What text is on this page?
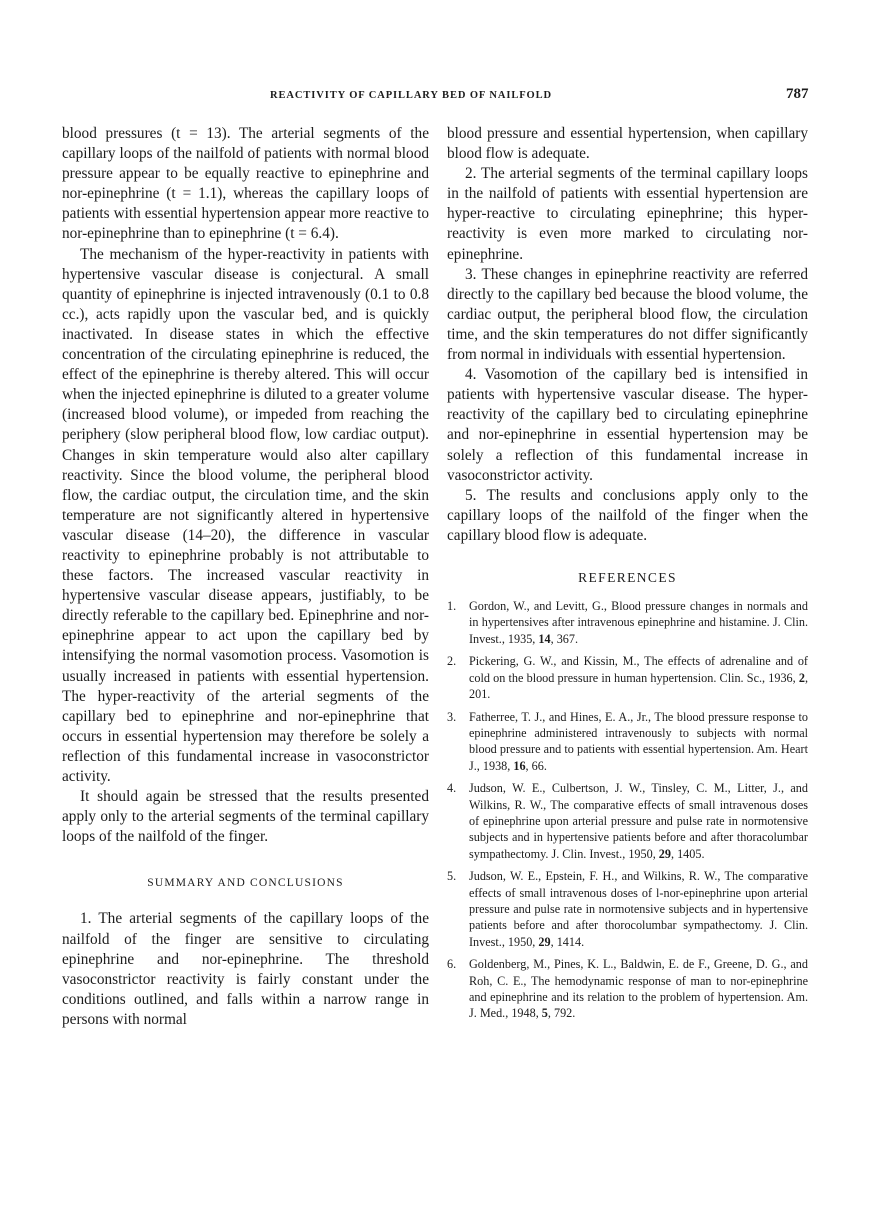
REACTIVITY OF CAPILLARY BED OF NAILFOLD	787

blood pressures (t = 13). The arterial segments of the capillary loops of the nailfold of patients with normal blood pressure appear to be equally reactive to epinephrine and nor-epinephrine (t = 1.1), whereas the capillary loops of patients with essential hypertension appear more reactive to nor-epinephrine than to epinephrine (t = 6.4).

The mechanism of the hyper-reactivity in patients with hypertensive vascular disease is conjectural. A small quantity of epinephrine is injected intravenously (0.1 to 0.8 cc.), acts rapidly upon the vascular bed, and is quickly inactivated. In disease states in which the effective concentration of the circulating epinephrine is reduced, the effect of the epinephrine is thereby altered. This will occur when the injected epinephrine is diluted to a greater volume (increased blood volume), or impeded from reaching the periphery (slow peripheral blood flow, low cardiac output). Changes in skin temperature would also alter capillary reactivity. Since the blood volume, the peripheral blood flow, the cardiac output, the circulation time, and the skin temperature are not significantly altered in hypertensive vascular disease (14–20), the difference in vascular reactivity to epinephrine probably is not attributable to these factors. The increased vascular reactivity in hypertensive vascular disease appears, justifiably, to be directly referable to the capillary bed. Epinephrine and nor-epinephrine appear to act upon the capillary bed by intensifying the normal vasomotion process. Vasomotion is usually increased in patients with essential hypertension. The hyper-reactivity of the arterial segments of the capillary bed to epinephrine and nor-epinephrine that occurs in essential hypertension may therefore be solely a reflection of this fundamental increase in vasoconstrictor activity.

It should again be stressed that the results presented apply only to the arterial segments of the terminal capillary loops of the nailfold of the finger.

SUMMARY AND CONCLUSIONS

1. The arterial segments of the capillary loops of the nailfold of the finger are sensitive to circulating epinephrine and nor-epinephrine. The threshold vasoconstrictor reactivity is fairly constant under the conditions outlined, and falls within a narrow range in persons with normal

blood pressure and essential hypertension, when capillary blood flow is adequate.

2. The arterial segments of the terminal capillary loops in the nailfold of patients with essential hypertension are hyper-reactive to circulating epinephrine; this hyper-reactivity is even more marked to circulating nor-epinephrine.

3. These changes in epinephrine reactivity are referred directly to the capillary bed because the blood volume, the cardiac output, the peripheral blood flow, the circulation time, and the skin temperatures do not differ significantly from normal in individuals with essential hypertension.

4. Vasomotion of the capillary bed is intensified in patients with hypertensive vascular disease. The hyper-reactivity of the capillary bed to circulating epinephrine and nor-epinephrine in essential hypertension may be solely a reflection of this fundamental increase in vasoconstrictor activity.

5. The results and conclusions apply only to the capillary loops of the nailfold of the finger when the capillary blood flow is adequate.

REFERENCES
1. Gordon, W., and Levitt, G., Blood pressure changes in normals and in hypertensives after intravenous epinephrine and histamine. J. Clin. Invest., 1935, 14, 367.
2. Pickering, G. W., and Kissin, M., The effects of adrenaline and of cold on the blood pressure in human hypertension. Clin. Sc., 1936, 2, 201.
3. Fatherree, T. J., and Hines, E. A., Jr., The blood pressure response to epinephrine administered intravenously to subjects with normal blood pressure and to patients with essential hypertension. Am. Heart J., 1938, 16, 66.
4. Judson, W. E., Culbertson, J. W., Tinsley, C. M., Litter, J., and Wilkins, R. W., The comparative effects of small intravenous doses of epinephrine upon arterial pressure and pulse rate in normotensive subjects and in hypertensive patients before and after thoracolumbar sympathectomy. J. Clin. Invest., 1950, 29, 1405.
5. Judson, W. E., Epstein, F. H., and Wilkins, R. W., The comparative effects of small intravenous doses of l-nor-epinephrine upon arterial pressure and pulse rate in normotensive subjects and in hypertensive patients before and after thorocolumbar sympathectomy. J. Clin. Invest., 1950, 29, 1414.
6. Goldenberg, M., Pines, K. L., Baldwin, E. de F., Greene, D. G., and Roh, C. E., The hemodynamic response of man to nor-epinephrine and epinephrine and its relation to the problem of hypertension. Am. J. Med., 1948, 5, 792.
